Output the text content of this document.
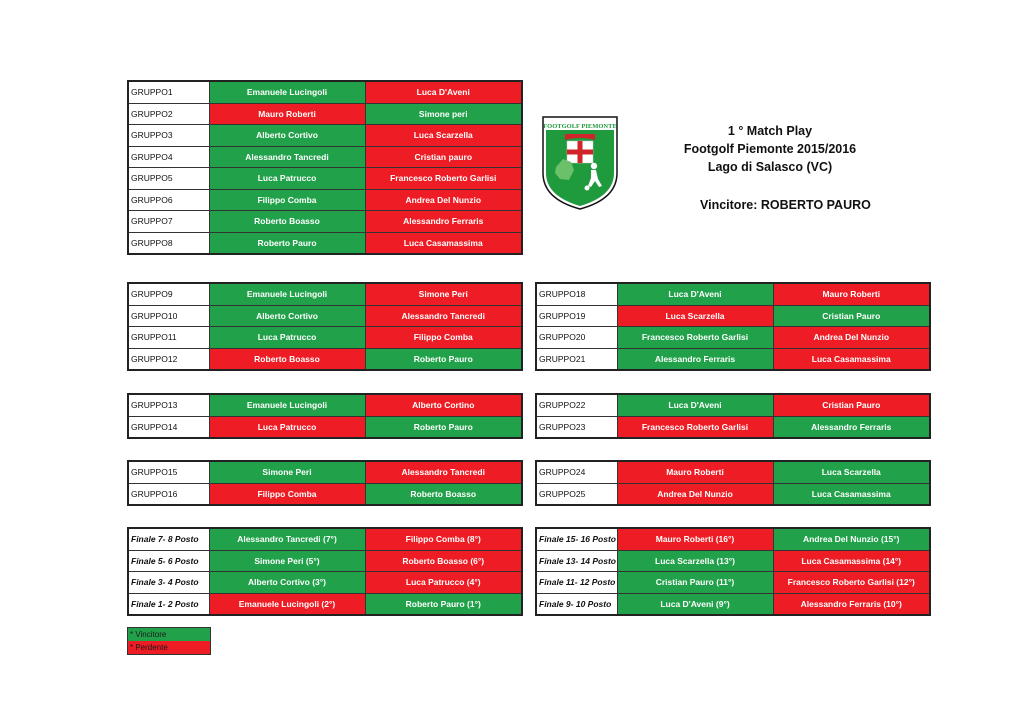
GRUPPO1	Emanuele Lucingoli	Luca D'Aveni
GRUPPO2	Mauro Roberti	Simone peri
GRUPPO3	Alberto Cortivo	Luca Scarzella
GRUPPO4	Alessandro Tancredi	Cristian pauro
GRUPPO5	Luca Patrucco	Francesco Roberto Garlisi
GRUPPO6	Filippo Comba	Andrea Del Nunzio
GRUPPO7	Roberto Boasso	Alessandro Ferraris
GRUPPO8	Roberto Pauro	Luca Casamassima
GRUPPO9	Emanuele Lucingoli	Simone Peri
GRUPPO10	Alberto Cortivo	Alessandro Tancredi
GRUPPO11	Luca Patrucco	Filippo Comba
GRUPPO12	Roberto Boasso	Roberto Pauro
GRUPPO18	Luca D'Aveni	Mauro Roberti
GRUPPO19	Luca Scarzella	Cristian Pauro
GRUPPO20	Francesco Roberto Garlisi	Andrea Del Nunzio
GRUPPO21	Alessandro Ferraris	Luca Casamassima
GRUPPO13	Emanuele Lucingoli	Alberto Cortino
GRUPPO14	Luca Patrucco	Roberto Pauro
GRUPPO22	Luca D'Aveni	Cristian Pauro
GRUPPO23	Francesco Roberto Garlisi	Alessandro Ferraris
GRUPPO15	Simone Peri	Alessandro Tancredi
GRUPPO16	Filippo Comba	Roberto Boasso
GRUPPO24	Mauro Roberti	Luca Scarzella
GRUPPO25	Andrea Del Nunzio	Luca Casamassima
Finale 7- 8 Posto	Alessandro Tancredi (7°)	Filippo Comba (8°)
Finale 5- 6 Posto	Simone Peri (5°)	Roberto Boasso (6°)
Finale 3- 4 Posto	Alberto Cortivo (3°)	Luca Patrucco (4°)
Finale 1- 2 Posto	Emanuele Lucingoli (2°)	Roberto Pauro (1°)
Finale 15- 16 Posto	Mauro Roberti (16°)	Andrea Del Nunzio (15°)
Finale 13- 14 Posto	Luca Scarzella (13°)	Luca Casamassima (14°)
Finale 11- 12 Posto	Cristian Pauro (11°)	Francesco Roberto Garlisi (12°)
Finale 9- 10 Posto	Luca D'Aveni (9°)	Alessandro Ferraris (10°)
FOOTGOLF PIEMONTE	1 ° Match Play
Footgolf Piemonte 2015/2016
Lago di Salasco (VC)
Vincitore: ROBERTO PAURO
* Vincitore
* Perdente
